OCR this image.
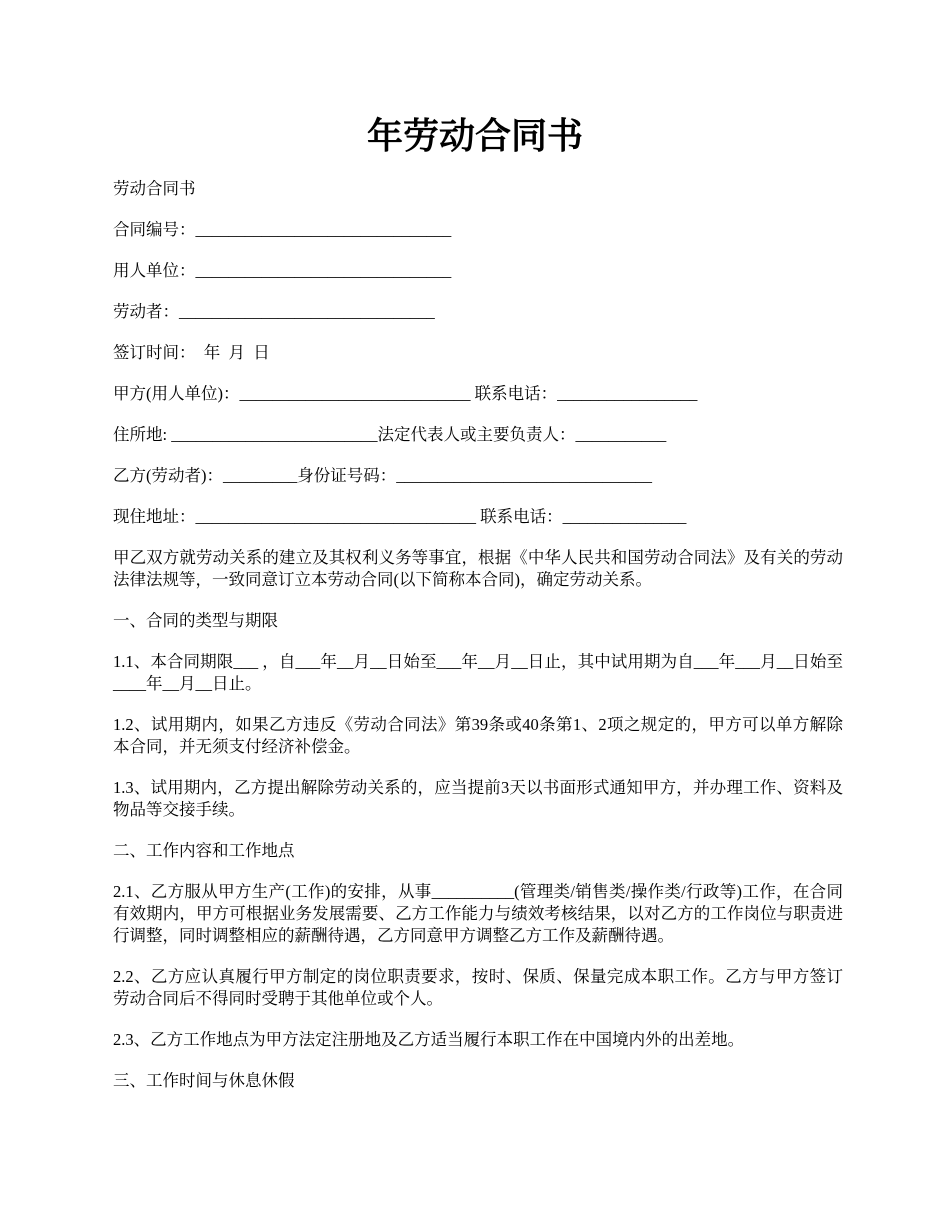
年劳动合同书

劳动合同书

合同编号：_______________________________

用人单位：_______________________________

劳动者：_______________________________

签订时间：  年  月  日

甲方(用人单位)：____________________________ 联系电话：_________________

住所地: _________________________法定代表人或主要负责人：___________

乙方(劳动者)：_________身份证号码：_______________________________

现住地址：__________________________________ 联系电话：_______________

甲乙双方就劳动关系的建立及其权利义务等事宜，根据《中华人民共和国劳动合同法》及有关的劳动法律法规等，一致同意订立本劳动合同(以下简称本合同)，确定劳动关系。

一、合同的类型与期限

1.1、本合同期限___ ，自___年__月__日始至___年__月__日止，其中试用期为自___年___月__日始至____年__月__日止。

1.2、试用期内，如果乙方违反《劳动合同法》第39条或40条第1、2项之规定的，甲方可以单方解除本合同，并无须支付经济补偿金。

1.3、试用期内，乙方提出解除劳动关系的，应当提前3天以书面形式通知甲方，并办理工作、资料及物品等交接手续。

二、工作内容和工作地点

2.1、乙方服从甲方生产(工作)的安排，从事__________(管理类/销售类/操作类/行政等)工作，在合同有效期内，甲方可根据业务发展需要、乙方工作能力与绩效考核结果，以对乙方的工作岗位与职责进行调整，同时调整相应的薪酬待遇，乙方同意甲方调整乙方工作及薪酬待遇。

2.2、乙方应认真履行甲方制定的岗位职责要求，按时、保质、保量完成本职工作。乙方与甲方签订劳动合同后不得同时受聘于其他单位或个人。

2.3、乙方工作地点为甲方法定注册地及乙方适当履行本职工作在中国境内外的出差地。

三、工作时间与休息休假
